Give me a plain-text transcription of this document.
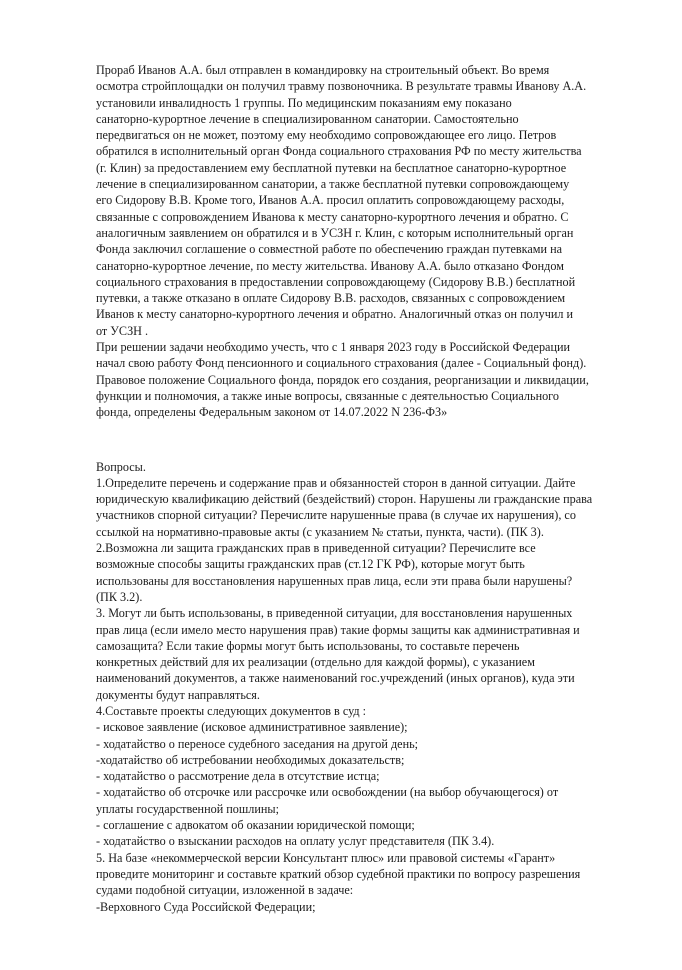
Прораб Иванов А.А. был отправлен в командировку на строительный объект. Во время
осмотра стройплощадки он получил травму позвоночника. В результате травмы Иванову А.А.
установили инвалидность 1 группы. По медицинским показаниям ему показано
санаторно-курортное лечение в специализированном санатории. Самостоятельно
передвигаться он не может, поэтому ему необходимо сопровождающее его лицо. Петров
обратился в исполнительный орган Фонда социального страхования РФ по месту жительства
(г. Клин) за предоставлением ему бесплатной путевки на бесплатное санаторно-курортное
лечение в специализированном санатории, а также бесплатной путевки сопровождающему
его Сидорову В.В. Кроме того, Иванов А.А. просил оплатить сопровождающему расходы,
связанные с сопровождением Иванова к месту санаторно-курортного лечения и обратно. С
аналогичным заявлением он обратился и в УСЗН г. Клин, с которым исполнительный орган
Фонда заключил соглашение о совместной работе по обеспечению граждан путевками на
санаторно-курортное лечение, по месту жительства. Иванову А.А. было отказано Фондом
социального страхования в предоставлении сопровождающему (Сидорову В.В.) бесплатной
путевки, а также отказано в оплате Сидорову В.В. расходов, связанных с сопровождением
Иванов к месту санаторно-курортного лечения и обратно. Аналогичный отказ он получил и
от УСЗН .
При решении задачи необходимо учесть, что с 1 января 2023 году в Российской Федерации
начал свою работу Фонд пенсионного и социального страхования (далее - Социальный фонд).
Правовое положение Социального фонда, порядок его создания, реорганизации и ликвидации,
функции и полномочия, а также иные вопросы, связанные с деятельностью Социального
фонда, определены Федеральным законом от 14.07.2022 N 236-ФЗ»
Вопросы.
1.Определите перечень и содержание прав и обязанностей сторон в данной ситуации. Дайте
юридическую квалификацию действий (бездействий) сторон. Нарушены ли гражданские права
участников спорной ситуации? Перечислите нарушенные права (в случае их нарушения), со
ссылкой на нормативно-правовые акты (с указанием № статьи, пункта, части). (ПК 3).
2.Возможна ли защита гражданских прав в приведенной ситуации? Перечислите все
возможные способы защиты гражданских прав (ст.12 ГК РФ), которые могут быть
использованы для восстановления нарушенных прав лица, если эти права были нарушены?
(ПК 3.2).
3. Могут ли быть использованы, в приведенной ситуации, для восстановления нарушенных
прав лица (если имело место нарушения прав) такие формы защиты как административная и
самозащита? Если такие формы могут быть использованы, то составьте перечень
конкретных действий для их реализации (отдельно для каждой формы), с указанием
наименований документов, а также наименований гос.учреждений (иных органов), куда эти
документы будут направляться.
4.Составьте проекты следующих документов в суд :
- исковое заявление (исковое административное заявление);
- ходатайство о переносе судебного заседания на другой день;
-ходатайство об истребовании необходимых доказательств;
- ходатайство о рассмотрение дела в отсутствие истца;
- ходатайство об отсрочке или рассрочке или освобождении (на выбор обучающегося) от
уплаты государственной пошлины;
- соглашение с адвокатом об оказании юридической помощи;
- ходатайство о взыскании расходов на оплату услуг представителя (ПК 3.4).
5. На базе «некоммерческой версии Консультант плюс» или правовой системы «Гарант»
проведите мониторинг и составьте краткий обзор судебной практики по вопросу разрешения
судами подобной ситуации, изложенной в задаче:
-Верховного Суда Российской Федерации;
